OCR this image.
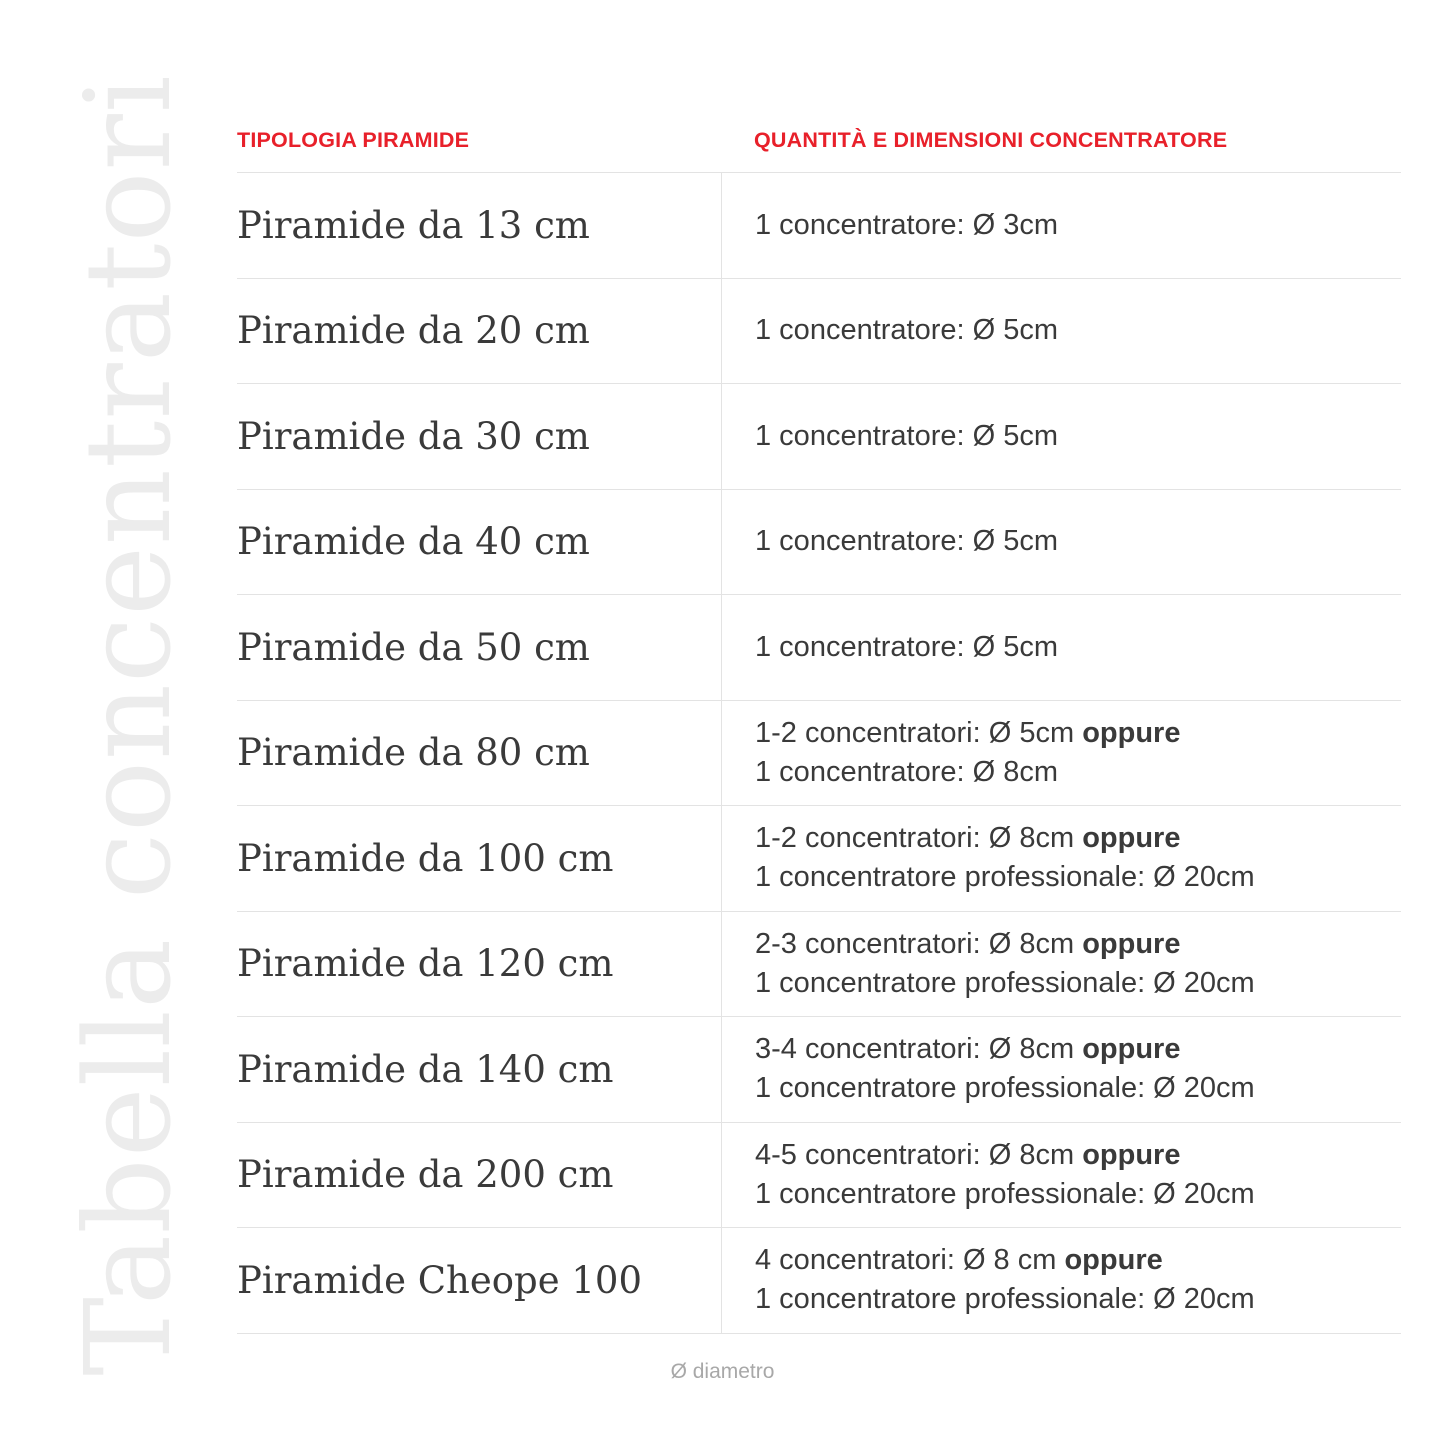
Tabella concentratori TIPOLOGIA PIRAMIDE	QUANTITÀ E DIMENSIONI CONCENTRATORE
Piramide da 13 cm	1 concentratore: Ø 3cm
Piramide da 20 cm	1 concentratore: Ø 5cm
Piramide da 30 cm	1 concentratore: Ø 5cm
Piramide da 40 cm	1 concentratore: Ø 5cm
Piramide da 50 cm	1 concentratore: Ø 5cm
Piramide da 80 cm	1-2 concentratori: Ø 5cm oppure
1 concentratore: Ø 8cm
Piramide da 100 cm	1-2 concentratori: Ø 8cm oppure
1 concentratore professionale: Ø 20cm
Piramide da 120 cm	2-3 concentratori: Ø 8cm oppure
1 concentratore professionale: Ø 20cm
Piramide da 140 cm	3-4 concentratori: Ø 8cm oppure
1 concentratore professionale: Ø 20cm
Piramide da 200 cm	4-5 concentratori: Ø 8cm oppure
1 concentratore professionale: Ø 20cm
Piramide Cheope 100	4 concentratori: Ø 8 cm oppure
1 concentratore professionale: Ø 20cm
Ø diametro
